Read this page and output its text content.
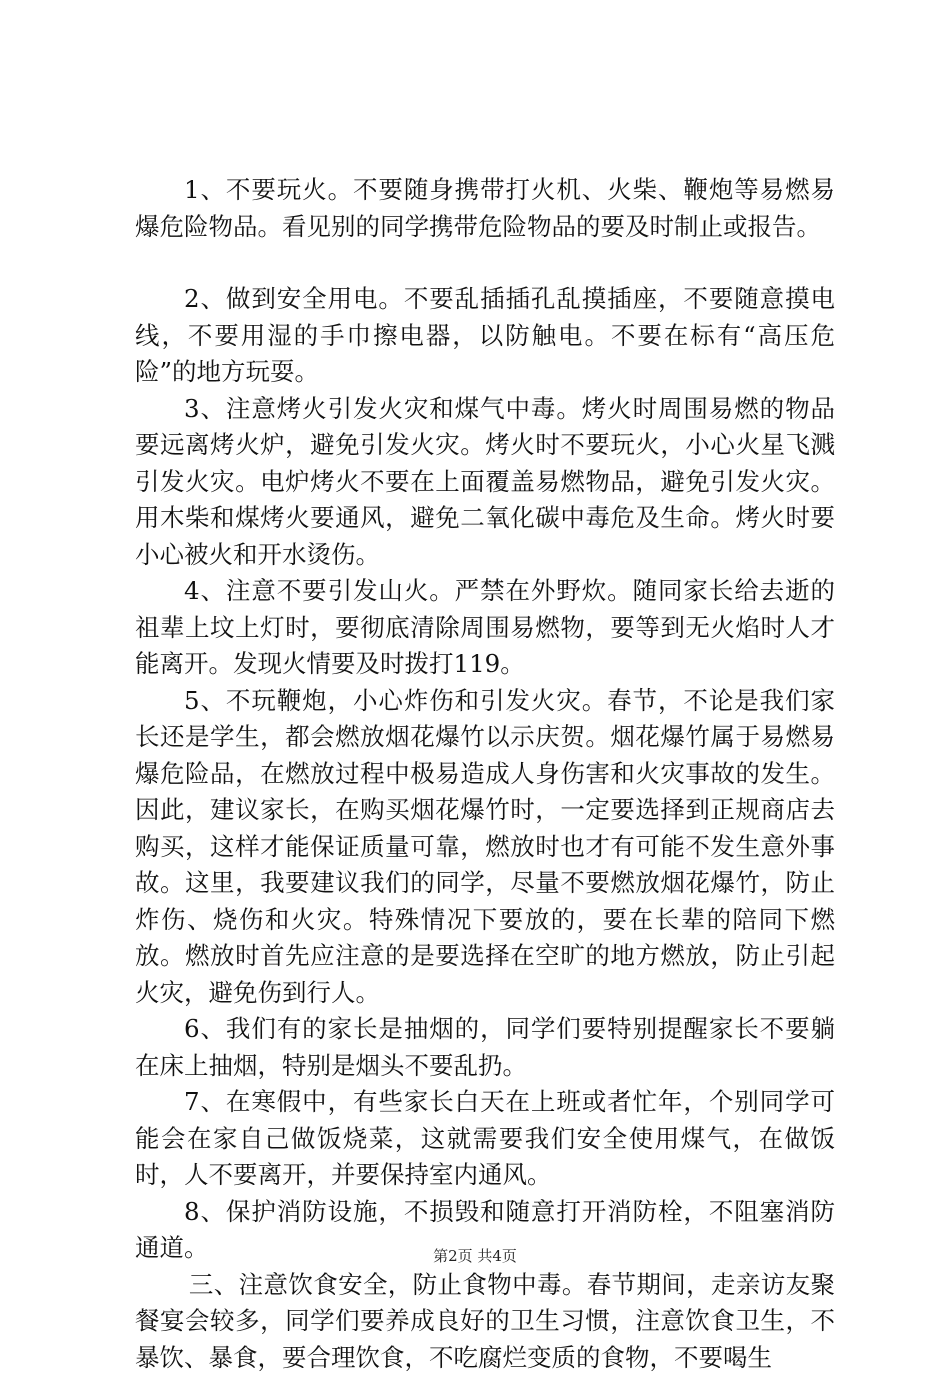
1、不要玩火。不要随身携带打火机、火柴、鞭炮等易燃易爆危险物品。看见别的同学携带危险物品的要及时制止或报告。

2、做到安全用电。不要乱插插孔乱摸插座，不要随意摸电线，不要用湿的手巾擦电器，以防触电。不要在标有“高压危险”的地方玩耍。

3、注意烤火引发火灾和煤气中毒。烤火时周围易燃的物品要远离烤火炉，避免引发火灾。烤火时不要玩火，小心火星飞溅引发火灾。电炉烤火不要在上面覆盖易燃物品，避免引发火灾。用木柴和煤烤火要通风，避免二氧化碳中毒危及生命。烤火时要小心被火和开水烫伤。

4、注意不要引发山火。严禁在外野炊。随同家长给去逝的祖辈上坟上灯时，要彻底清除周围易燃物，要等到无火焰时人才能离开。发现火情要及时拨打119。

5、不玩鞭炮，小心炸伤和引发火灾。春节，不论是我们家长还是学生，都会燃放烟花爆竹以示庆贺。烟花爆竹属于易燃易爆危险品，在燃放过程中极易造成人身伤害和火灾事故的发生。因此，建议家长，在购买烟花爆竹时，一定要选择到正规商店去购买，这样才能保证质量可靠，燃放时也才有可能不发生意外事故。这里，我要建议我们的同学，尽量不要燃放烟花爆竹，防止炸伤、烧伤和火灾。特殊情况下要放的，要在长辈的陪同下燃放。燃放时首先应注意的是要选择在空旷的地方燃放，防止引起火灾，避免伤到行人。

6、我们有的家长是抽烟的，同学们要特别提醒家长不要躺在床上抽烟，特别是烟头不要乱扔。

7、在寒假中，有些家长白天在上班或者忙年，个别同学可能会在家自己做饭烧菜，这就需要我们安全使用煤气，在做饭时，人不要离开，并要保持室内通风。

8、保护消防设施，不损毁和随意打开消防栓，不阻塞消防通道。

三、注意饮食安全，防止食物中毒。春节期间，走亲访友聚餐宴会较多，同学们要养成良好的卫生习惯，注意饮食卫生，不暴饮、暴食，要合理饮食，不吃腐烂变质的食物，不要喝生

第2页 共4页
